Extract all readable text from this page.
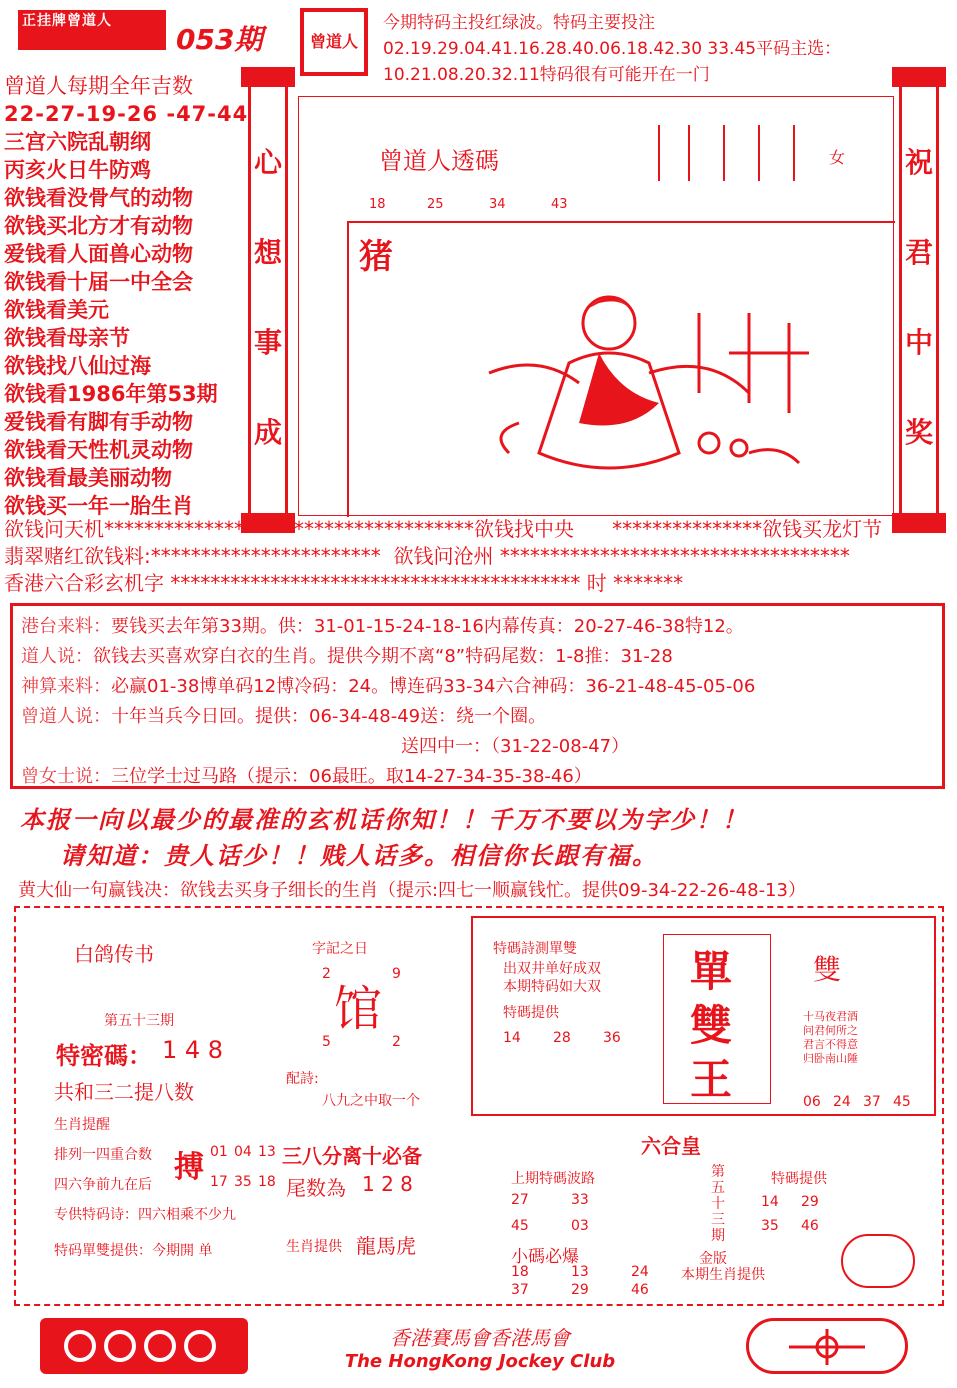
正挂牌曾道人
053期	曾道人
今期特码主投红绿波。特码主要投注02.19.29.04.41.16.28.40.06.18.42.30 33.45平码主选：10.21.08.20.32.11特码很有可能开在一门
曾道人每期全年吉数
22-27-19-26 -47-44
三宫六院乱朝纲
丙亥火日牛防鸡
欲钱看没骨气的动物
欲钱买北方才有动物
爱钱看人面兽心动物
欲钱看十届一中全会
欲钱看美元
欲钱看母亲节
欲钱找八仙过海
欲钱看1986年第53期
爱钱看有脚有手动物
欲钱看天性机灵动物
欲钱看最美丽动物
欲钱买一年一胎生肖
心
想
事
成
祝
君
中
奖
曾道人透碼	女
18	25	34	43
猪
欲钱问天机*************************************欲钱找中央 ***************欲钱买龙灯节
翡翠赌红欲钱料:*********************** 欲钱问沧州 ***********************************
香港六合彩玄机字 ***************************************** 时 *******
港台来料：要钱买去年第33期。供：31-01-15-24-18-16内幕传真：20-27-46-38特12。
道人说：欲钱去买喜欢穿白衣的生肖。提供今期不离“8”特码尾数：1-8推：31-28
神算来料：必赢01-38博单码12博冷码：24。博连码33-34六合神码：36-21-48-45-05-06
曾道人说：十年当兵今日回。提供：06-34-48-49送：绕一个圈。
送四中一：（31-22-08-47）
曾女士说：三位学士过马路（提示：06最旺。取14-27-34-35-38-46）
本报一向以最少的最准的玄机话你知！！千万不要以为字少！！
请知道：贵人话少！！贱人话多。相信你长跟有福。
黄大仙一句赢钱决：欲钱去买身子细长的生肖（提示:四七一顺赢钱忙。提供09-34-22-26-48-13）
白鸽传书
第五十三期
特密碼： 1 4 8
共和三二提八数
生肖提醒
排列一四重合数
四六争前九在后
专供特码诗：四六相乘不少九
特码單雙提供：今期開 单
搏 01 04 13
17 35 18
字記之日
2	9
馆
5	2
配詩:
八九之中取一个
三八分离十必备
尾数為 1 2 8
生肖提供 龍馬虎
特碼詩測單雙
出双井单好成双
本期特码如大双
特碼提供
14 28 36
單
雙
王
雙
十马夜君酒
问君何所之
君言不得意
归卧南山陲
06 24 37 45
六合皇
上期特碼波路
27	33
45	03
第五十三期
金版
特碼提供
14 29
35 46
小碼必爆
18	13	24
37	29	46
本期生肖提供
香港賽馬會香港馬會
The HongKong Jockey Club
